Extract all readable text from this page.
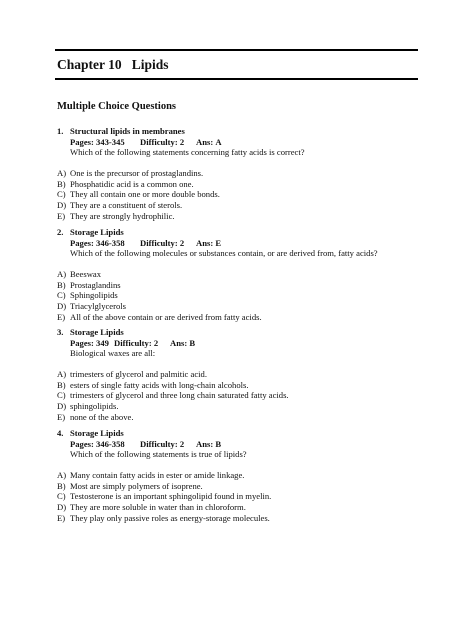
Chapter 10   Lipids
Multiple Choice Questions
1. Structural lipids in membranes
Pages: 343-345 Difficulty: 2 Ans: A
Which of the following statements concerning fatty acids is correct?
A) One is the precursor of prostaglandins.
B) Phosphatidic acid is a common one.
C) They all contain one or more double bonds.
D) They are a constituent of sterols.
E) They are strongly hydrophilic.
2. Storage Lipids
Pages: 346-358 Difficulty: 2 Ans: E
Which of the following molecules or substances contain, or are derived from, fatty acids?
A) Beeswax
B) Prostaglandins
C) Sphingolipids
D) Triacylglycerols
E) All of the above contain or are derived from fatty acids.
3. Storage Lipids
Pages: 349 Difficulty: 2 Ans: B
Biological waxes are all:
A) trimesters of glycerol and palmitic acid.
B) esters of single fatty acids with long-chain alcohols.
C) trimesters of glycerol and three long chain saturated fatty acids.
D) sphingolipids.
E) none of the above.
4. Storage Lipids
Pages: 346-358 Difficulty: 2 Ans: B
Which of the following statements is true of lipids?
A) Many contain fatty acids in ester or amide linkage.
B) Most are simply polymers of isoprene.
C) Testosterone is an important sphingolipid found in myelin.
D) They are more soluble in water than in chloroform.
E) They play only passive roles as energy-storage molecules.
